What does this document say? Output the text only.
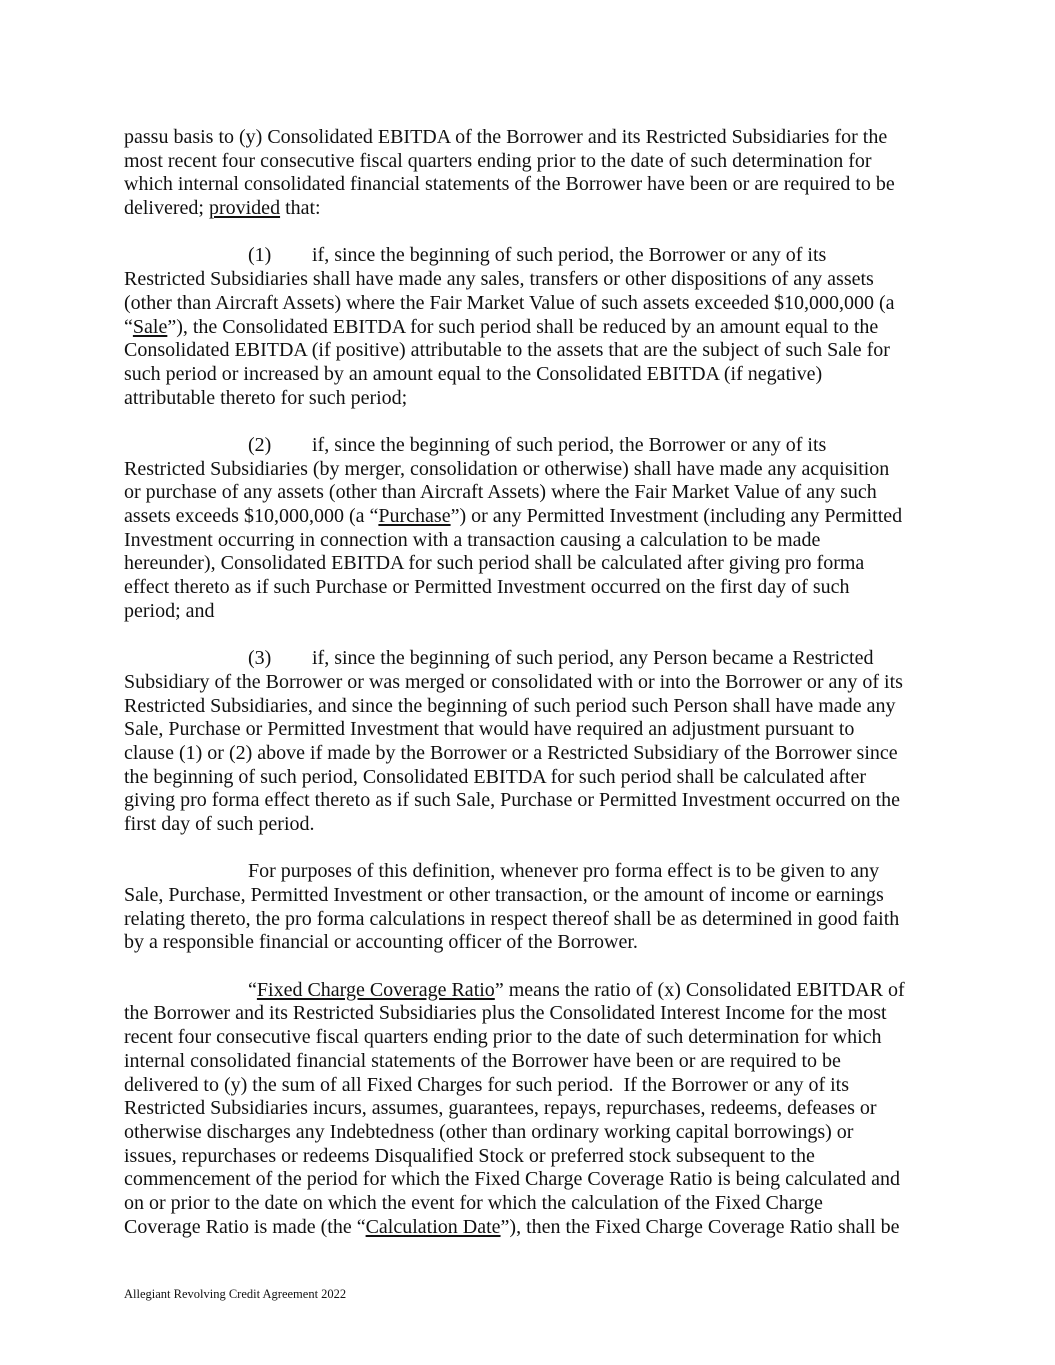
passu basis to (y) Consolidated EBITDA of the Borrower and its Restricted Subsidiaries for the
most recent four consecutive fiscal quarters ending prior to the date of such determination for
which internal consolidated financial statements of the Borrower have been or are required to be
delivered; provided that:
(1) if, since the beginning of such period, the Borrower or any of its
Restricted Subsidiaries shall have made any sales, transfers or other dispositions of any assets
(other than Aircraft Assets) where the Fair Market Value of such assets exceeded $10,000,000 (a
“Sale”), the Consolidated EBITDA for such period shall be reduced by an amount equal to the
Consolidated EBITDA (if positive) attributable to the assets that are the subject of such Sale for
such period or increased by an amount equal to the Consolidated EBITDA (if negative)
attributable thereto for such period;
(2) if, since the beginning of such period, the Borrower or any of its
Restricted Subsidiaries (by merger, consolidation or otherwise) shall have made any acquisition
or purchase of any assets (other than Aircraft Assets) where the Fair Market Value of any such
assets exceeds $10,000,000 (a “Purchase”) or any Permitted Investment (including any Permitted
Investment occurring in connection with a transaction causing a calculation to be made
hereunder), Consolidated EBITDA for such period shall be calculated after giving pro forma
effect thereto as if such Purchase or Permitted Investment occurred on the first day of such
period; and
(3) if, since the beginning of such period, any Person became a Restricted
Subsidiary of the Borrower or was merged or consolidated with or into the Borrower or any of its
Restricted Subsidiaries, and since the beginning of such period such Person shall have made any
Sale, Purchase or Permitted Investment that would have required an adjustment pursuant to
clause (1) or (2) above if made by the Borrower or a Restricted Subsidiary of the Borrower since
the beginning of such period, Consolidated EBITDA for such period shall be calculated after
giving pro forma effect thereto as if such Sale, Purchase or Permitted Investment occurred on the
first day of such period.
For purposes of this definition, whenever pro forma effect is to be given to any
Sale, Purchase, Permitted Investment or other transaction, or the amount of income or earnings
relating thereto, the pro forma calculations in respect thereof shall be as determined in good faith
by a responsible financial or accounting officer of the Borrower.
“Fixed Charge Coverage Ratio” means the ratio of (x) Consolidated EBITDAR of
the Borrower and its Restricted Subsidiaries plus the Consolidated Interest Income for the most
recent four consecutive fiscal quarters ending prior to the date of such determination for which
internal consolidated financial statements of the Borrower have been or are required to be
delivered to (y) the sum of all Fixed Charges for such period.  If the Borrower or any of its
Restricted Subsidiaries incurs, assumes, guarantees, repays, repurchases, redeems, defeases or
otherwise discharges any Indebtedness (other than ordinary working capital borrowings) or
issues, repurchases or redeems Disqualified Stock or preferred stock subsequent to the
commencement of the period for which the Fixed Charge Coverage Ratio is being calculated and
on or prior to the date on which the event for which the calculation of the Fixed Charge
Coverage Ratio is made (the “Calculation Date”), then the Fixed Charge Coverage Ratio shall be
Allegiant Revolving Credit Agreement 2022
